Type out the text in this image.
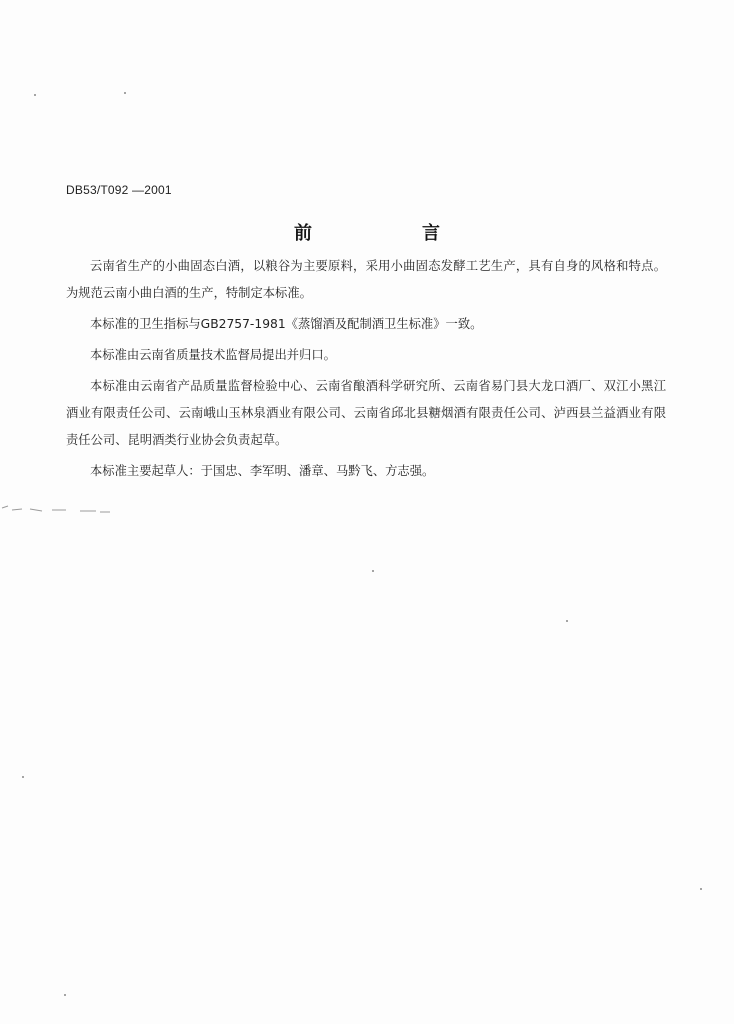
DB53/T092 —2001
前　言

云南省生产的小曲固态白酒，以粮谷为主要原料，采用小曲固态发酵工艺生产，具有自身的风格和特点。为规范云南小曲白酒的生产，特制定本标准。

本标准的卫生指标与GB2757-1981《蒸馏酒及配制酒卫生标准》一致。

本标准由云南省质量技术监督局提出并归口。

本标准由云南省产品质量监督检验中心、云南省酿酒科学研究所、云南省易门县大龙口酒厂、双江小黑江酒业有限责任公司、云南峨山玉林泉酒业有限公司、云南省邱北县糖烟酒有限责任公司、泸西县兰益酒业有限责任公司、昆明酒类行业协会负责起草。

本标准主要起草人：于国忠、李军明、潘章、马黔飞、方志强。
